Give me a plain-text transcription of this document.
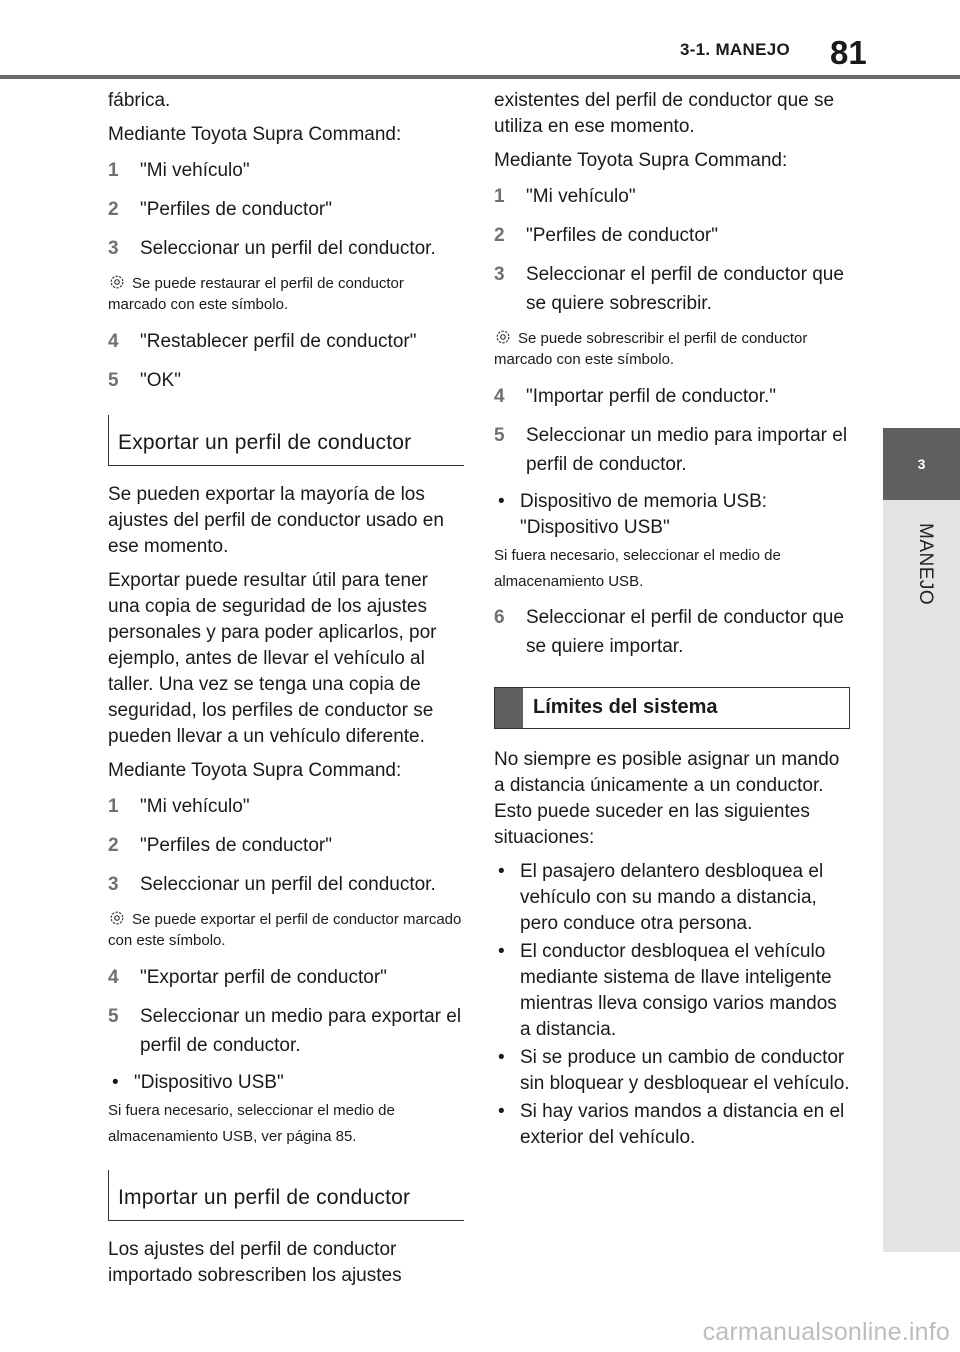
3-1. MANEJO	81
3
MANEJO

fábrica.

Mediante Toyota Supra Command:

1	"Mi vehículo"
2	"Perfiles de conductor"
3	Seleccionar un perfil del conductor.

Se puede restaurar el perfil de conductor marcado con este símbolo.

4	"Restablecer perfil de conductor"
5	"OK"
Exportar un perfil de conductor

Se pueden exportar la mayoría de los ajustes del perfil de conductor usado en ese momento.

Exportar puede resultar útil para tener una copia de seguridad de los ajustes personales y para poder aplicarlos, por ejemplo, antes de llevar el vehículo al taller. Una vez se tenga una copia de seguridad, los perfiles de conductor se pueden llevar a un vehículo diferente.

Mediante Toyota Supra Command:

1	"Mi vehículo"
2	"Perfiles de conductor"
3	Seleccionar un perfil del conductor.

Se puede exportar el perfil de conductor marcado con este símbolo.

4	"Exportar perfil de conductor"
5	Seleccionar un medio para exportar el perfil de conductor.
• "Dispositivo USB"

Si fuera necesario, seleccionar el medio de almacenamiento USB, ver página 85.

Importar un perfil de conductor

Los ajustes del perfil de conductor importado sobrescriben los ajustes

existentes del perfil de conductor que se utiliza en ese momento.

Mediante Toyota Supra Command:

1	"Mi vehículo"
2	"Perfiles de conductor"
3	Seleccionar el perfil de conductor que se quiere sobrescribir.

Se puede sobrescribir el perfil de conductor marcado con este símbolo.

4	"Importar perfil de conductor."
5	Seleccionar un medio para importar el perfil de conductor.
• Dispositivo de memoria USB: "Dispositivo USB"

Si fuera necesario, seleccionar el medio de almacenamiento USB.

6	Seleccionar el perfil de conductor que se quiere importar.
Límites del sistema

No siempre es posible asignar un mando a distancia únicamente a un conductor. Esto puede suceder en las siguientes situaciones:

• El pasajero delantero desbloquea el vehículo con su mando a distancia, pero conduce otra persona.
• El conductor desbloquea el vehículo mediante sistema de llave inteligente mientras lleva consigo varios mandos a distancia.
• Si se produce un cambio de conductor sin bloquear y desbloquear el vehículo.
• Si hay varios mandos a distancia en el exterior del vehículo.
carmanualsonline.info
